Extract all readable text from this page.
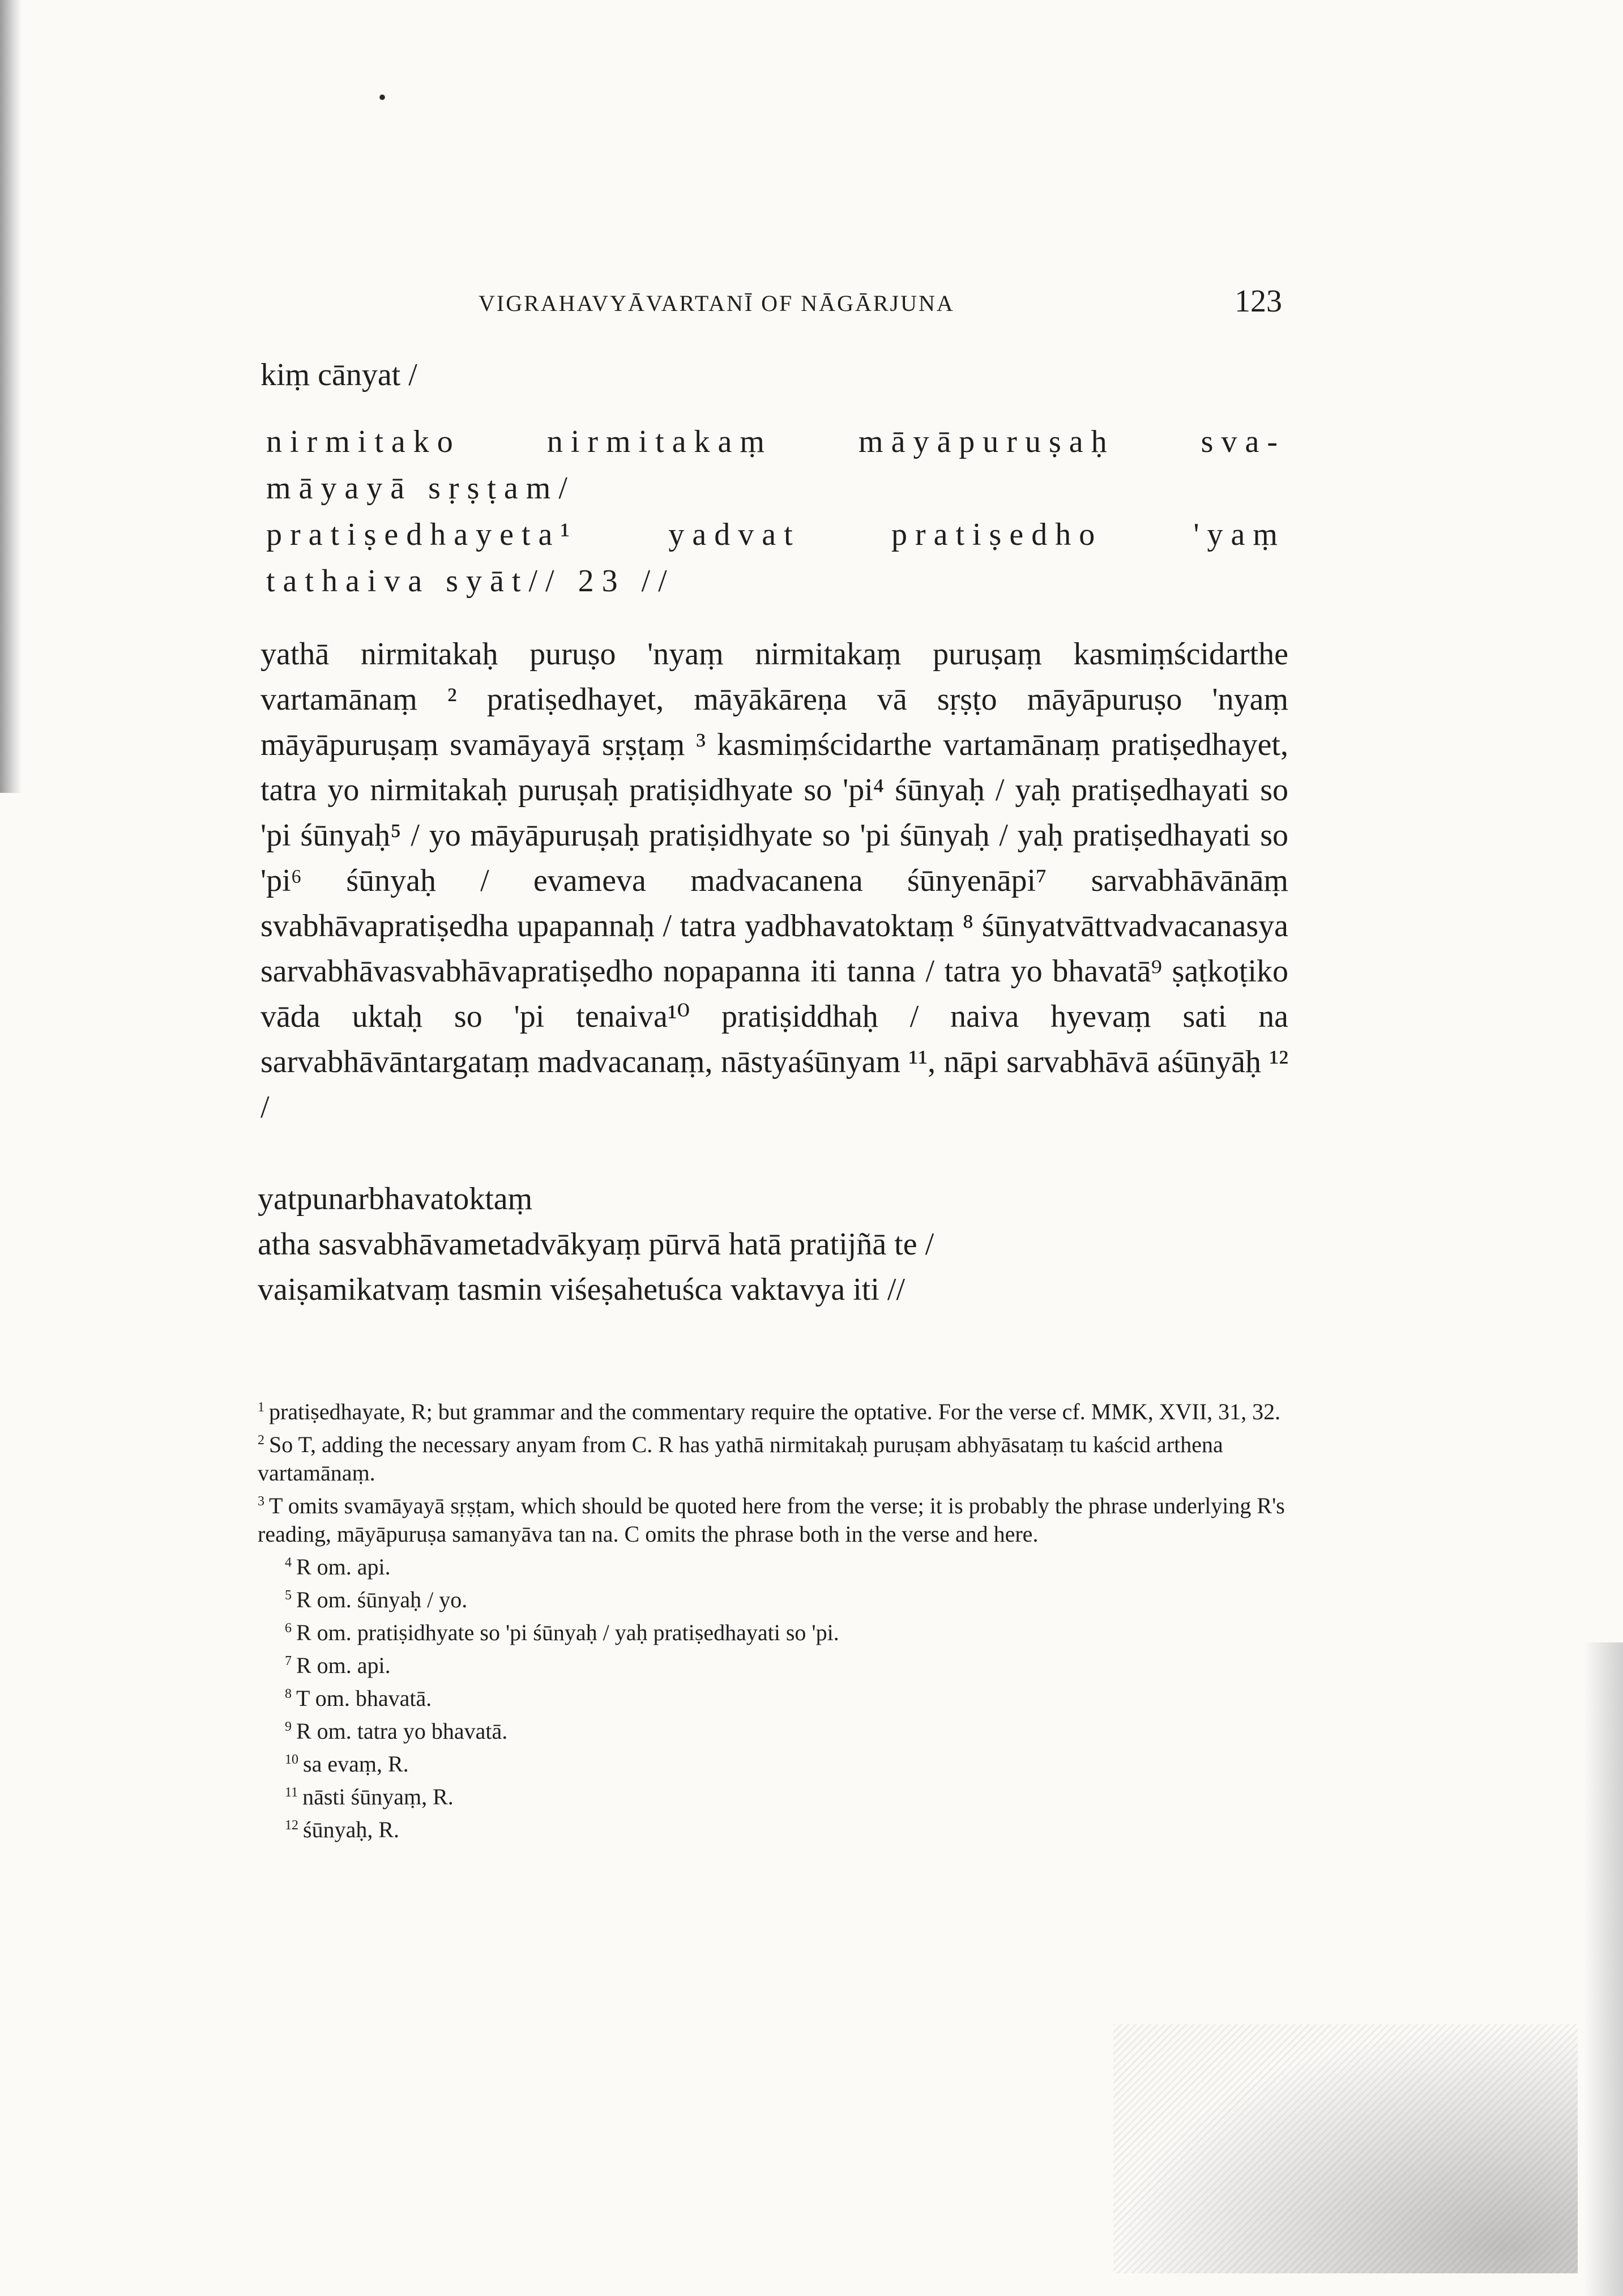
•
VIGRAHAVYĀVARTANĪ OF NĀGĀRJUNA	123
kiṃ cānyat /
nirmitako	nirmitakaṃ	māyāpuruṣaḥ	sva-
māyayā sṛṣṭam/
pratiṣedhayeta¹	yadvat	pratiṣedho	'yaṃ
tathaiva syāt// 23 //

yathā nirmitakaḥ puruṣo 'nyaṃ nirmitakaṃ puruṣaṃ kasmiṃścidarthe vartamānaṃ ² pratiṣedhayet, māyākāreṇa vā sṛṣṭo māyāpuruṣo 'nyaṃ māyāpuruṣaṃ svamāyayā sṛṣṭaṃ ³ kasmiṃścidarthe vartamānaṃ pratiṣedhayet, tatra yo nirmitakaḥ puruṣaḥ pratiṣidhyate so 'pi⁴ śūnyaḥ / yaḥ pratiṣedhayati so 'pi śūnyaḥ⁵ / yo māyāpuruṣaḥ pratiṣidhyate so 'pi śūnyaḥ / yaḥ pratiṣedhayati so 'pi⁶ śūnyaḥ / evameva madvacanena śūnyenāpi⁷ sarvabhāvānāṃ svabhāvapratiṣedha upapannaḥ / tatra yadbhavatoktaṃ ⁸ śūnyatvāttvadvacanasya sarvabhāvasvabhāvapratiṣedho nopapanna iti tanna / tatra yo bhavatā⁹ ṣaṭkoṭiko vāda uktaḥ so 'pi tenaiva¹⁰ pratiṣiddhaḥ / naiva hyevaṃ sati na sarvabhāvāntargataṃ madvacanaṃ, nāstyaśūnyam ¹¹, nāpi sarvabhāvā aśūnyāḥ ¹² /

yatpunarbhavatoktaṃ
atha sasvabhāvametadvākyaṃ pūrvā hatā pratijñā te /
vaiṣamikatvaṃ tasmin viśeṣahetuśca vaktavya iti //

$^1$ pratiṣedhayate, R; but grammar and the commentary require the optative. For the verse cf. MMK, XVII, 31, 32.

$^2$ So T, adding the necessary anyam from C. R has yathā nirmitakaḥ puruṣam abhyāsataṃ tu kaścid arthena vartamānaṃ.

$^3$ T omits svamāyayā sṛṣṭam, which should be quoted here from the verse; it is probably the phrase underlying R's reading, māyāpuruṣa samanyāva tan na. C omits the phrase both in the verse and here.

$^4$ R om. api.

$^5$ R om. śūnyaḥ / yo.

$^6$ R om. pratiṣidhyate so 'pi śūnyaḥ / yaḥ pratiṣedhayati so 'pi.

$^7$ R om. api.

$^8$ T om. bhavatā.

$^9$ R om. tatra yo bhavatā.

$^{10}$ sa evaṃ, R.

$^{11}$ nāsti śūnyaṃ, R.

$^{12}$ śūnyaḥ, R.
